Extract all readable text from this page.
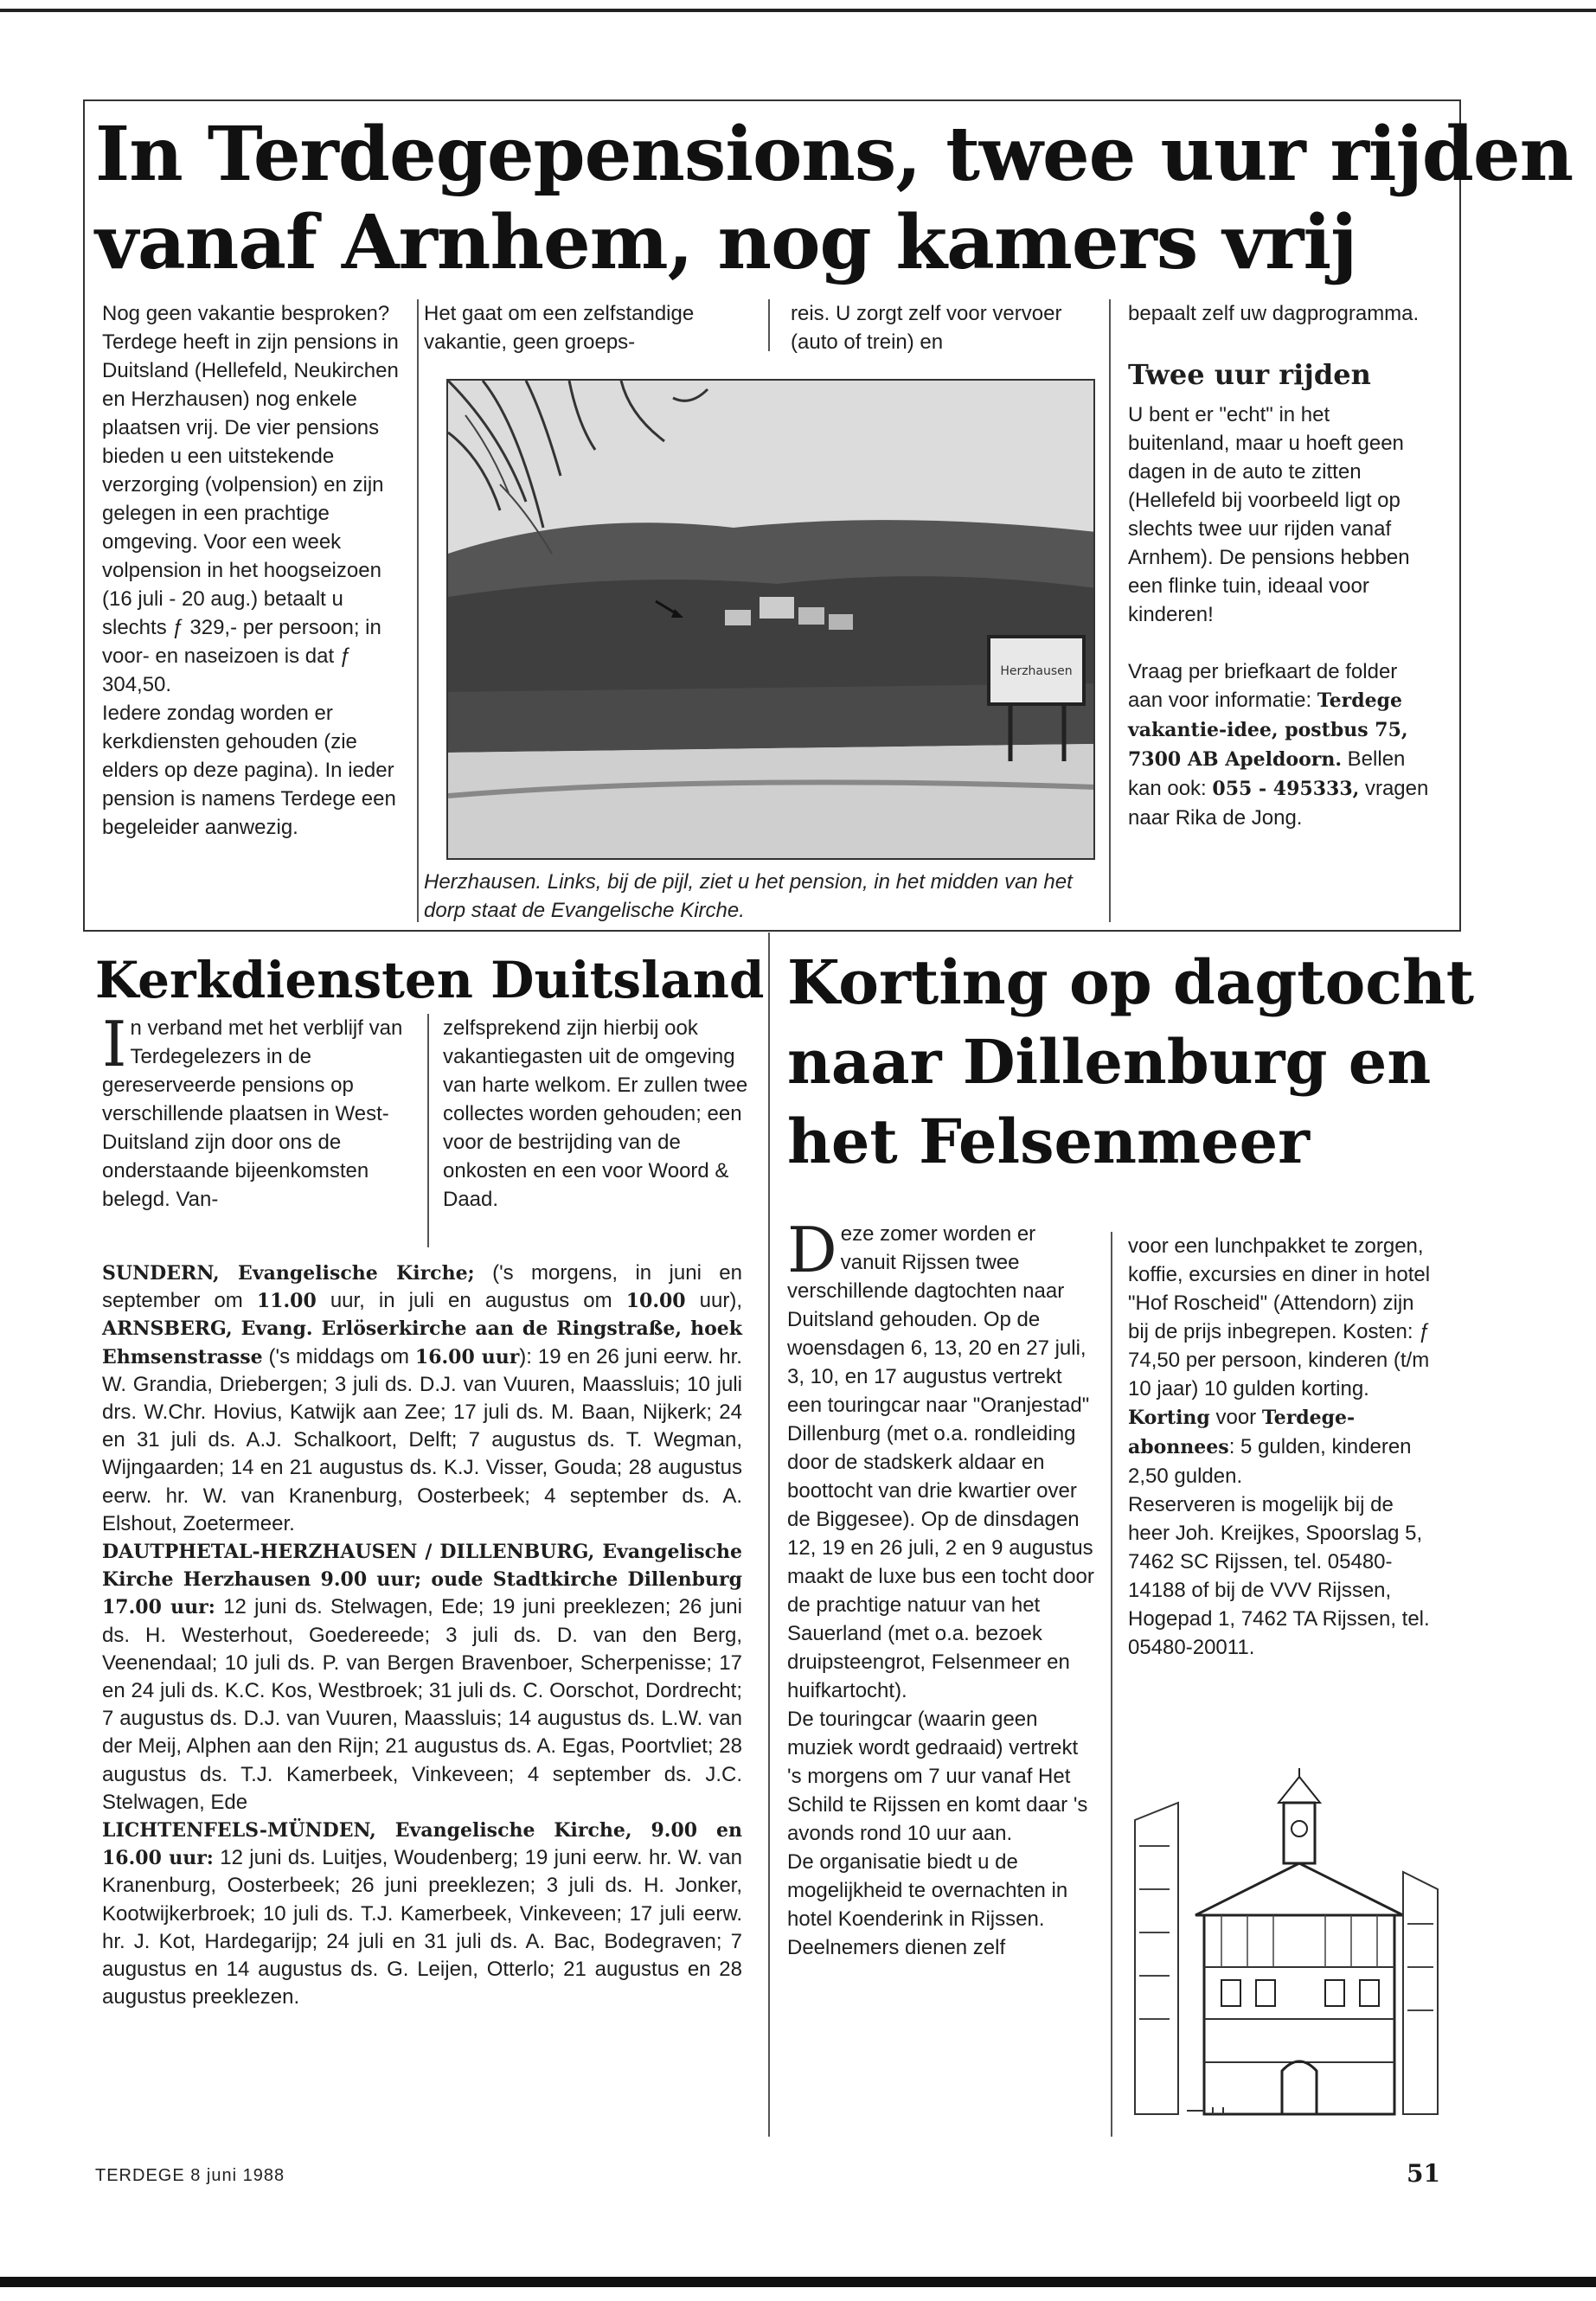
In Terdegepensions, twee uur rijden
vanaf Arnhem, nog kamers vrij

Nog geen vakantie besproken? Terdege heeft in zijn pensions in Duitsland (Hellefeld, Neukirchen en Herzhausen) nog enkele plaatsen vrij. De vier pensions bieden u een uitstekende verzorging (volpension) en zijn gelegen in een prachtige omgeving. Voor een week volpension in het hoogseizoen (16 juli - 20 aug.) betaalt u slechts ƒ 329,- per persoon; in voor- en naseizoen is dat ƒ 304,50.

Iedere zondag worden er kerkdiensten gehouden (zie elders op deze pagina). In ieder pension is namens Terdege een begeleider aanwezig.

Het gaat om een zelfstandige vakantie, geen groeps-

reis. U zorgt zelf voor vervoer (auto of trein) en

bepaalt zelf uw dagprogramma.

Twee uur rijden

U bent er "echt" in het buitenland, maar u hoeft geen dagen in de auto te zitten (Hellefeld bij voorbeeld ligt op slechts twee uur rijden vanaf Arnhem). De pensions hebben een flinke tuin, ideaal voor kinderen!

Vraag per briefkaart de folder aan voor informatie: Terdege vakantie-idee, postbus 75, 7300 AB Apeldoorn. Bellen kan ook: 055 - 495333, vragen naar Rika de Jong.

Herzhausen
Herzhausen. Links, bij de pijl, ziet u het pension, in het midden van het dorp staat de Evangelische Kirche.
Kerkdiensten Duitsland

In verband met het verblijf van Terdegelezers in de gereserveerde pensions op verschillende plaatsen in West-Duitsland zijn door ons de onderstaande bijeenkomsten belegd. Van-

zelfsprekend zijn hierbij ook vakantiegasten uit de omgeving van harte welkom. Er zullen twee collectes worden gehouden; een voor de bestrijding van de onkosten en een voor Woord & Daad.

SUNDERN, Evangelische Kirche; ('s morgens, in juni en september om 11.00 uur, in juli en augustus om 10.00 uur), ARNSBERG, Evang. Erlöserkirche aan de Ringstraße, hoek Ehmsenstrasse ('s middags om 16.00 uur): 19 en 26 juni eerw. hr. W. Grandia, Driebergen; 3 juli ds. D.J. van Vuuren, Maassluis; 10 juli drs. W.Chr. Hovius, Katwijk aan Zee; 17 juli ds. M. Baan, Nijkerk; 24 en 31 juli ds. A.J. Schalkoort, Delft; 7 augustus ds. T. Wegman, Wijngaarden; 14 en 21 augustus ds. K.J. Visser, Gouda; 28 augustus eerw. hr. W. van Kranenburg, Oosterbeek; 4 september ds. A. Elshout, Zoetermeer.
DAUTPHETAL-HERZHAUSEN / DILLENBURG, Evangelische Kirche Herzhausen 9.00 uur; oude Stadtkirche Dillenburg 17.00 uur: 12 juni ds. Stelwagen, Ede; 19 juni preeklezen; 26 juni ds. H. Westerhout, Goedereede; 3 juli ds. D. van den Berg, Veenendaal; 10 juli ds. P. van Bergen Bravenboer, Scherpenisse; 17 en 24 juli ds. K.C. Kos, Westbroek; 31 juli ds. C. Oorschot, Dordrecht; 7 augustus ds. D.J. van Vuuren, Maassluis; 14 augustus ds. L.W. van der Meij, Alphen aan den Rijn; 21 augustus ds. A. Egas, Poortvliet; 28 augustus ds. T.J. Kamerbeek, Vinkeveen; 4 september ds. J.C. Stelwagen, Ede
LICHTENFELS-MÜNDEN, Evangelische Kirche, 9.00 en 16.00 uur: 12 juni ds. Luitjes, Woudenberg; 19 juni eerw. hr. W. van Kranenburg, Oosterbeek; 26 juni preeklezen; 3 juli ds. H. Jonker, Kootwijkerbroek; 10 juli ds. T.J. Kamerbeek, Vinkeveen; 17 juli eerw. hr. J. Kot, Hardegarijp; 24 juli en 31 juli ds. A. Bac, Bodegraven; 7 augustus en 14 augustus ds. G. Leijen, Otterlo; 21 augustus en 28 augustus preeklezen.
Korting op dagtocht
naar Dillenburg en
het Felsenmeer

Deze zomer worden er vanuit Rijssen twee verschillende dagtochten naar Duitsland gehouden. Op de woensdagen 6, 13, 20 en 27 juli, 3, 10, en 17 augustus vertrekt een touringcar naar "Oranjestad" Dillenburg (met o.a. rondleiding door de stadskerk aldaar en boottocht van drie kwartier over de Biggesee). Op de dinsdagen 12, 19 en 26 juli, 2 en 9 augustus maakt de luxe bus een tocht door de prachtige natuur van het Sauerland (met o.a. bezoek druipsteengrot, Felsenmeer en huifkartocht).

De touringcar (waarin geen muziek wordt gedraaid) vertrekt 's morgens om 7 uur vanaf Het Schild te Rijssen en komt daar 's avonds rond 10 uur aan.

De organisatie biedt u de mogelijkheid te overnachten in hotel Koenderink in Rijssen.

Deelnemers dienen zelf

voor een lunchpakket te zorgen, koffie, excursies en diner in hotel "Hof Roscheid" (Attendorn) zijn bij de prijs inbegrepen. Kosten: ƒ 74,50 per persoon, kinderen (t/m 10 jaar) 10 gulden korting. Korting voor Terdege-abonnees: 5 gulden, kinderen 2,50 gulden.

Reserveren is mogelijk bij de heer Joh. Kreijkes, Spoorslag 5, 7462 SC Rijssen, tel. 05480-14188 of bij de VVV Rijssen, Hogepad 1, 7462 TA Rijssen, tel. 05480-20011.

TERDEGE 8 juni 1988	51
